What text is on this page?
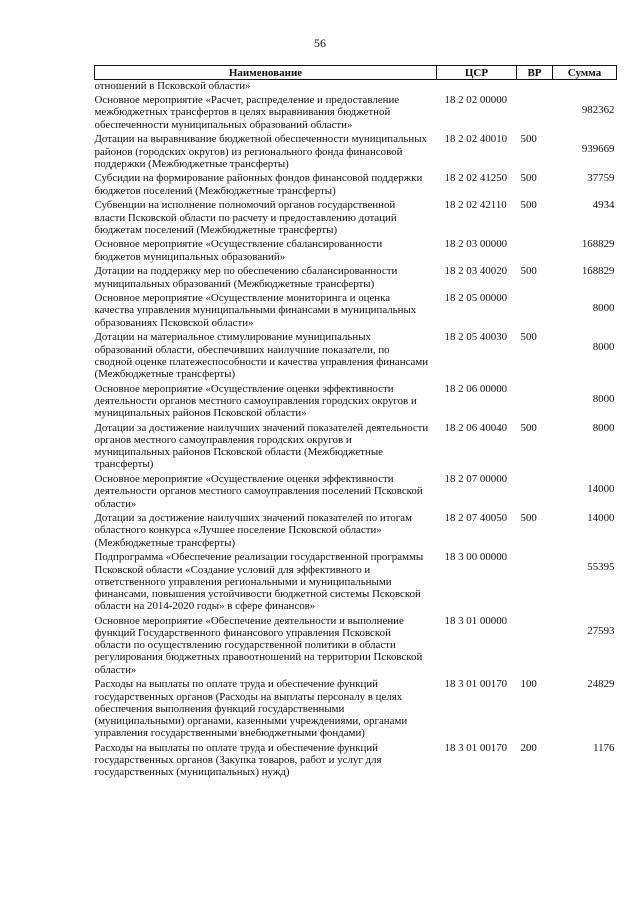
56
Наименование	ЦСР	ВР	Сумма
отношений в Псковской области»			
Основное мероприятие «Расчет, распределение и предоставление межбюджетных трансфертов в целях выравнивания бюджетной обеспеченности муниципальных образований области»	18 2 02 00000		982362
Дотации на выравнивание бюджетной обеспеченности муниципальных районов (городских округов) из регионального фонда финансовой поддержки (Межбюджетные трансферты)	18 2 02 40010	500	939669
Субсидии на формирование районных фондов финансовой поддержки бюджетов поселений (Межбюджетные трансферты)	18 2 02 41250	500	37759
Субвенции на исполнение полномочий органов государственной власти Псковской области по расчету и предоставлению дотаций бюджетам поселений (Межбюджетные трансферты)	18 2 02 42110	500	4934
Основное мероприятие «Осуществление сбалансированности бюджетов муниципальных образований»	18 2 03 00000		168829
Дотации на поддержку мер по обеспечению сбалансированности муниципальных образований (Межбюджетные трансферты)	18 2 03 40020	500	168829
Основное мероприятие «Осуществление мониторинга и оценка качества управления муниципальными финансами в муниципальных образованиях Псковской области»	18 2 05 00000		8000
Дотации на материальное стимулирование муниципальных образований области, обеспечивших наилучшие показатели, по сводной оценке платежеспособности и качества управления финансами (Межбюджетные трансферты)	18 2 05 40030	500	8000
Основное мероприятие «Осуществление оценки эффективности деятельности органов местного самоуправления городских округов и муниципальных районов Псковской области»	18 2 06 00000		8000
Дотации за достижение наилучших значений показателей деятельности органов местного самоуправления городских округов и муниципальных районов Псковской области (Межбюджетные трансферты)	18 2 06 40040	500	8000
Основное мероприятие «Осуществление оценки эффективности деятельности органов местного самоуправления поселений Псковской области»	18 2 07 00000		14000
Дотации за достижение наилучших значений показателей по итогам областного конкурса «Лучшее поселение Псковской области» (Межбюджетные трансферты)	18 2 07 40050	500	14000
Подпрограмма «Обеспечение реализации государственной программы Псковской области «Создание условий для эффективного и ответственного управления региональными и муниципальными финансами, повышения устойчивости бюджетной системы Псковской области на 2014-2020 годы» в сфере финансов»	18 3 00 00000		55395
Основное мероприятие «Обеспечение деятельности и выполнение функций Государственного финансового управления Псковской области по осуществлению государственной политики в области регулирования бюджетных правоотношений на территории Псковской области»	18 3 01 00000		27593
Расходы на выплаты по оплате труда и обеспечение функций государственных органов (Расходы на выплаты персоналу в целях обеспечения выполнения функций государственными (муниципальными) органами, казенными учреждениями, органами управления государственными внебюджетными фондами)	18 3 01 00170	100	24829
Расходы на выплаты по оплате труда и обеспечение функций государственных органов (Закупка товаров, работ и услуг для государственных (муниципальных) нужд)	18 3 01 00170	200	1176
